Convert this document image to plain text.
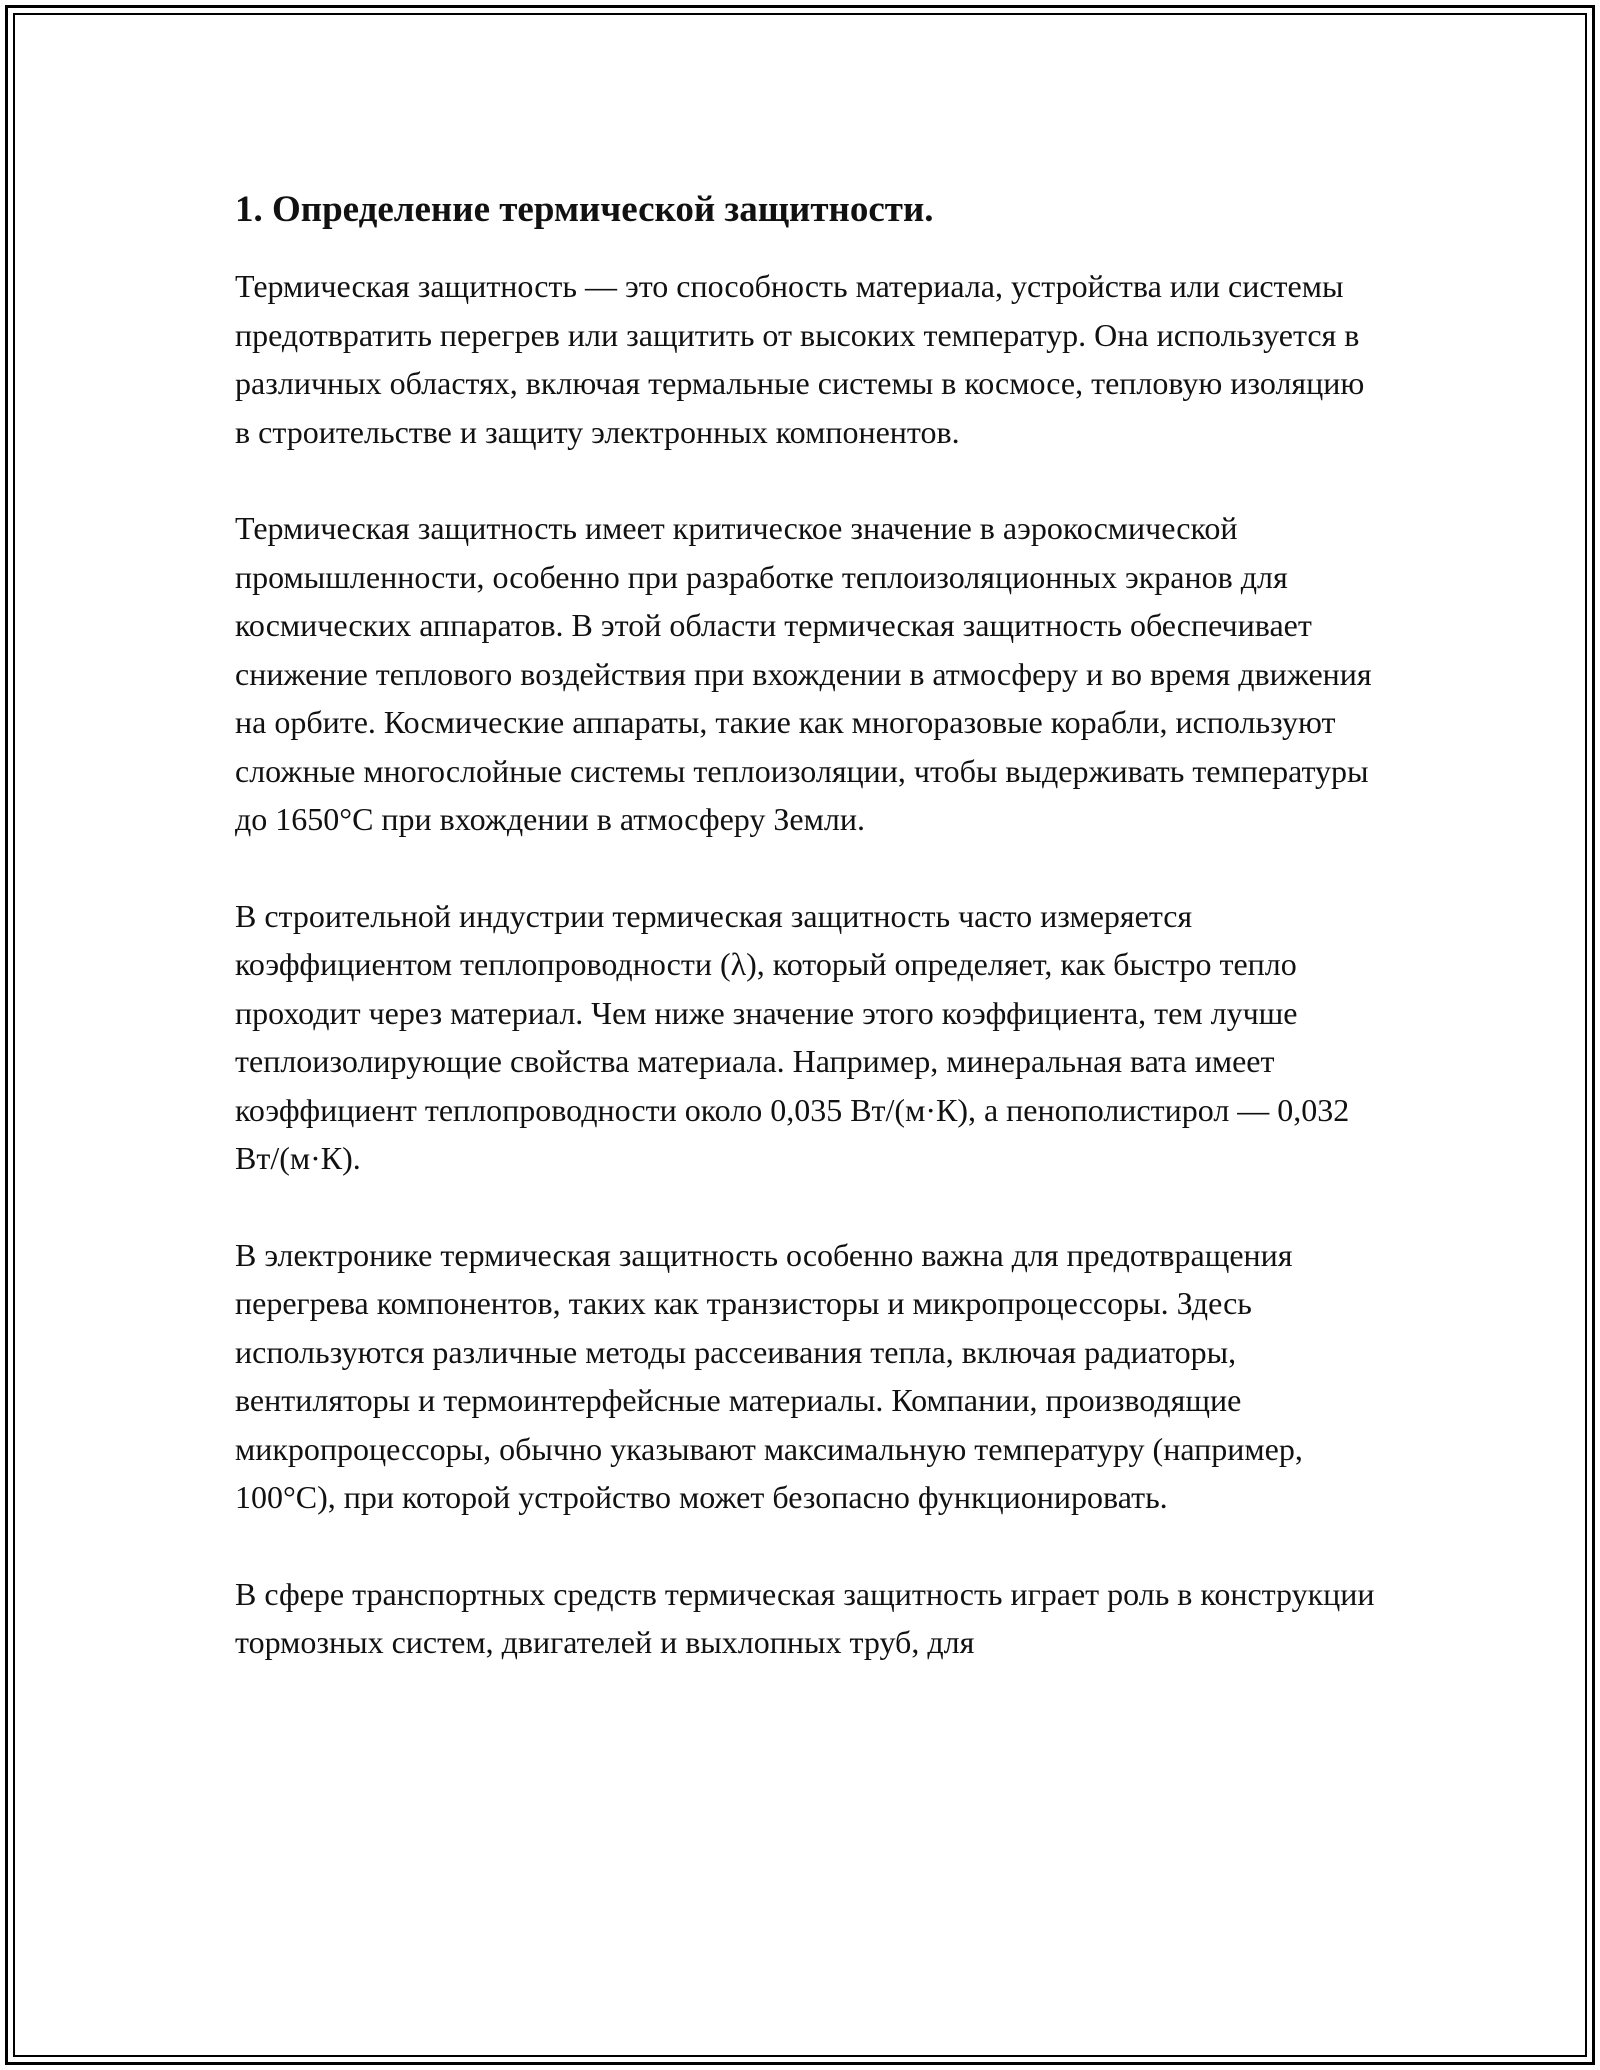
1. Определение термической защитности.

Термическая защитность — это способность материала, устройства или системы предотвратить перегрев или защитить от высоких температур. Она используется в различных областях, включая термальные системы в космосе, тепловую изоляцию в строительстве и защиту электронных компонентов.

Термическая защитность имеет критическое значение в аэрокосмической промышленности, особенно при разработке теплоизоляционных экранов для космических аппаратов. В этой области термическая защитность обеспечивает снижение теплового воздействия при вхождении в атмосферу и во время движения на орбите. Космические аппараты, такие как многоразовые корабли, используют сложные многослойные системы теплоизоляции, чтобы выдерживать температуры до 1650°C при вхождении в атмосферу Земли.

В строительной индустрии термическая защитность часто измеряется коэффициентом теплопроводности (λ), который определяет, как быстро тепло проходит через материал. Чем ниже значение этого коэффициента, тем лучше теплоизолирующие свойства материала. Например, минеральная вата имеет коэффициент теплопроводности около 0,035 Вт/(м·К), а пенополистирол — 0,032 Вт/(м·К).

В электронике термическая защитность особенно важна для предотвращения перегрева компонентов, таких как транзисторы и микропроцессоры. Здесь используются различные методы рассеивания тепла, включая радиаторы, вентиляторы и термоинтерфейсные материалы. Компании, производящие микропроцессоры, обычно указывают максимальную температуру (например, 100°C), при которой устройство может безопасно функционировать.

В сфере транспортных средств термическая защитность играет роль в конструкции тормозных систем, двигателей и выхлопных труб, для
